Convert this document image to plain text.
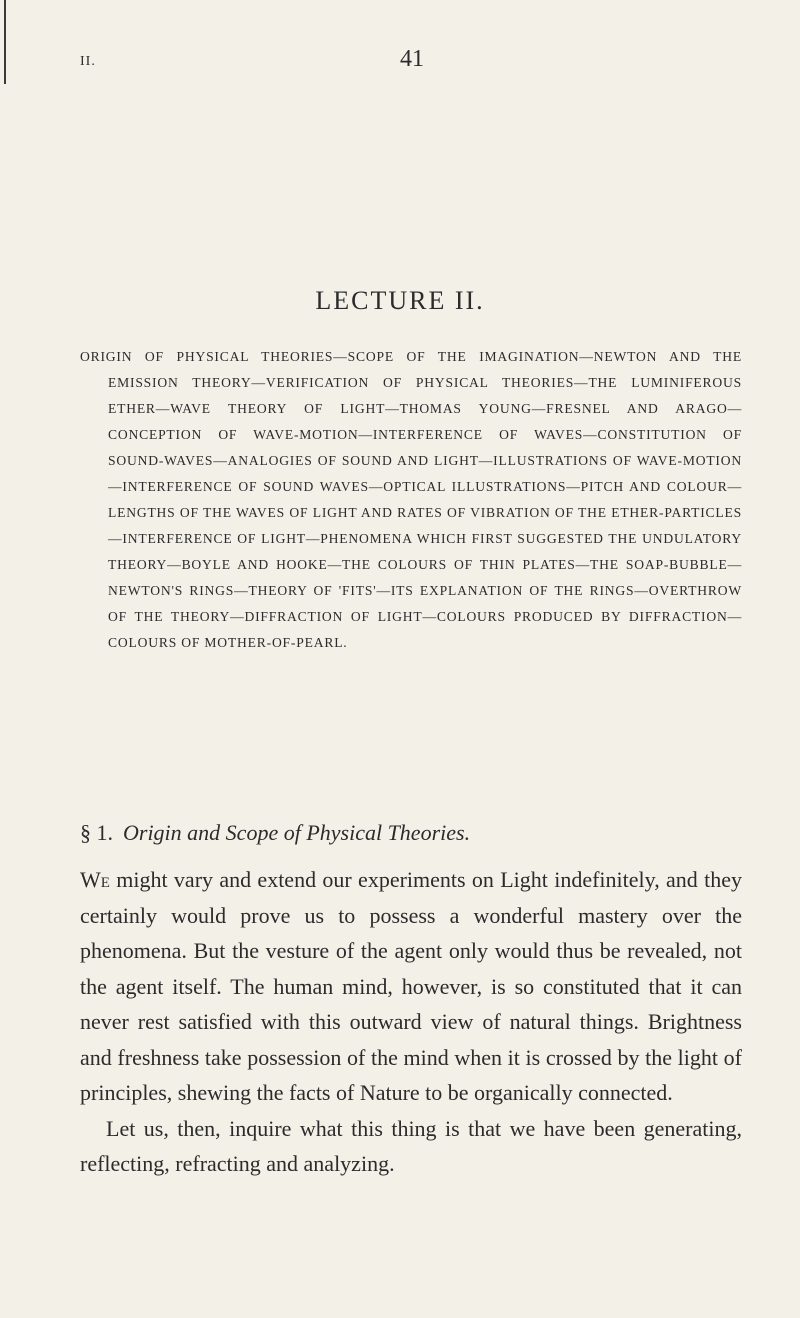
II.	41
LECTURE II.

ORIGIN OF PHYSICAL THEORIES—SCOPE OF THE IMAGINATION—NEWTON AND THE EMISSION THEORY—VERIFICATION OF PHYSICAL THEORIES—THE LUMINIFEROUS ETHER—WAVE THEORY OF LIGHT—THOMAS YOUNG—FRESNEL AND ARAGO—CONCEPTION OF WAVE-MOTION—INTERFERENCE OF WAVES—CONSTITUTION OF SOUND-WAVES—ANALOGIES OF SOUND AND LIGHT—ILLUSTRATIONS OF WAVE-MOTION—INTERFERENCE OF SOUND WAVES—OPTICAL ILLUSTRATIONS—PITCH AND COLOUR—LENGTHS OF THE WAVES OF LIGHT AND RATES OF VIBRATION OF THE ETHER-PARTICLES—INTERFERENCE OF LIGHT—PHENOMENA WHICH FIRST SUGGESTED THE UNDULATORY THEORY—BOYLE AND HOOKE—THE COLOURS OF THIN PLATES—THE SOAP-BUBBLE—NEWTON'S RINGS—THEORY OF 'FITS'—ITS EXPLANATION OF THE RINGS—OVERTHROW OF THE THEORY—DIFFRACTION OF LIGHT—COLOURS PRODUCED BY DIFFRACTION—COLOURS OF MOTHER-OF-PEARL.

§ 1. Origin and Scope of Physical Theories.

We might vary and extend our experiments on Light indefinitely, and they certainly would prove us to possess a wonderful mastery over the phenomena. But the vesture of the agent only would thus be revealed, not the agent itself. The human mind, however, is so constituted that it can never rest satisfied with this outward view of natural things. Brightness and freshness take possession of the mind when it is crossed by the light of principles, shewing the facts of Nature to be organically connected.

Let us, then, inquire what this thing is that we have been generating, reflecting, refracting and analyzing.
